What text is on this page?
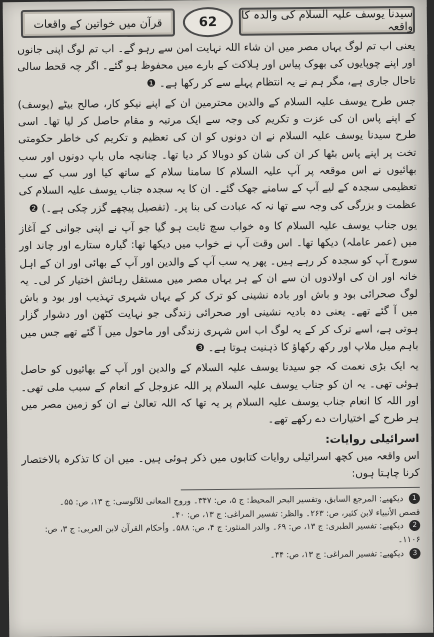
قرآن میں خواتین کے واقعات	62
سیدنا یوسف علیہ السلام کی والدہ کا واقعہ

یعنی اب تم لوگ یہاں مصر میں ان شاء اللہ نہایت امن سے رہو گے۔ اب تم لوگ اپنی جانوں اور اپنے چوپایوں کی بھوک پیاس اور ہلاکت کے بارے میں محفوظ ہو گئے۔ اگر چہ قحط سالی تاحال جاری ہے، مگر ہم نے یہ انتظام پہلے سے کر رکھا ہے۔ ❶

جس طرح یوسف علیہ السلام کے والدین محترمین ان کے اپنے نیکو کار، صالح بیٹے (یوسف) کے اپنے پاس ان کی عزت و تکریم کی وجہ سے ایک مرتبہ و مقام حاصل کر لیا تھا۔ اسی طرح سیدنا یوسف علیہ السلام نے ان دونوں کو ان کی تعظیم و تکریم کی خاطر حکومتی تخت پر اپنے پاس بٹھا کر ان کی شان کو دوبالا کر دیا تھا۔ چنانچہ ماں باپ دونوں اور سب بھائیوں نے اس موقعہ پر آپ علیہ السلام کا سامنا سلام کے ساتھ کیا اور سب کے سب تعظیمی سجدہ کے لیے آپ کے سامنے جھک گئے۔ ان کا یہ سجدہ جناب یوسف علیہ السلام کی عظمت و بزرگی کی وجہ سے تھا نہ کہ عبادت کی بنا پر۔ (تفصیل پیچھے گزر چکی ہے۔) ❷

یوں جناب یوسف علیہ السلام کا وہ خواب سچ ثابت ہو گیا جو آپ نے اپنی جوانی کے آغاز میں (عمر عاملہ) دیکھا تھا۔ اس وقت آپ نے خواب میں دیکھا تھا: گیارہ ستارے اور چاند اور سورج آپ کو سجدہ کر رہے ہیں۔ پھر یہ سب آپ کے والدین اور آپ کے بھائی اور ان کے اہل خانہ اور ان کی اولادوں ان سے ان کے ہر یہاں مصر میں مستقل رہائش اختیار کر لی۔ یہ لوگ صحرائی بود و باش اور بادہ نشینی کو ترک کر کے یہاں شہری تہذیب اور بود و باش میں آ گئے تھے۔ یعنی دہ بادیہ نشینی اور صحرائی زندگی جو نہایت کٹھن اور دشوار گزار ہوتی ہے، اسے ترک کر کے یہ لوگ اب اس شہری زندگی اور ماحول میں آ گئے تھے جس میں باہم میل ملاپ اور رکھ رکھاؤ کا ذہنیت ہوتا ہے۔ ❸

یہ ایک بڑی نعمت کہ جو سیدنا یوسف علیہ السلام کے والدین اور آپ کے بھائیوں کو حاصل ہوئی تھی۔ یہ ان کو جناب یوسف علیہ السلام پر اللہ عزوجل کے انعام کے سبب ملی تھی۔ اور اللہ کا انعام جناب یوسف علیہ السلام پر یہ تھا کہ اللہ تعالیٰ نے ان کو زمین مصر میں ہر طرح کے اختیارات دے رکھے تھے۔

اسرائیلی روایات:

اس واقعہ میں کچھ اسرائیلی روایات کتابوں میں ذکر ہوئی ہیں۔ میں ان کا تذکرہ بالاختصار کرنا چاہتا ہوں:

1 دیکھیے: المرجع السابق، وتفسیر البحر المحیط: ج ۵، ص: ۳۴۷۔ وروح المعانی للآلوسی: ج ۱۳، ص: ۵۵۔

قصص الأنبیاء لابن کثیر، ص: ۲۶۳۔ والظر: تفسیر المراغی: ج ۱۳، ص: ۴۰۔

2 دیکھیے: تفسیر الطبری: ج ۱۳، ص: ۶۹۔ والدر المنثور: ج ۴، ص: ۵۸۸۔ وأحکام القرآن لابن العربی: ج ۳، ص:

۱۱۰۶۔

3 دیکھیے: تفسیر المراغی: ج ۱۳، ص: ۴۴۔
